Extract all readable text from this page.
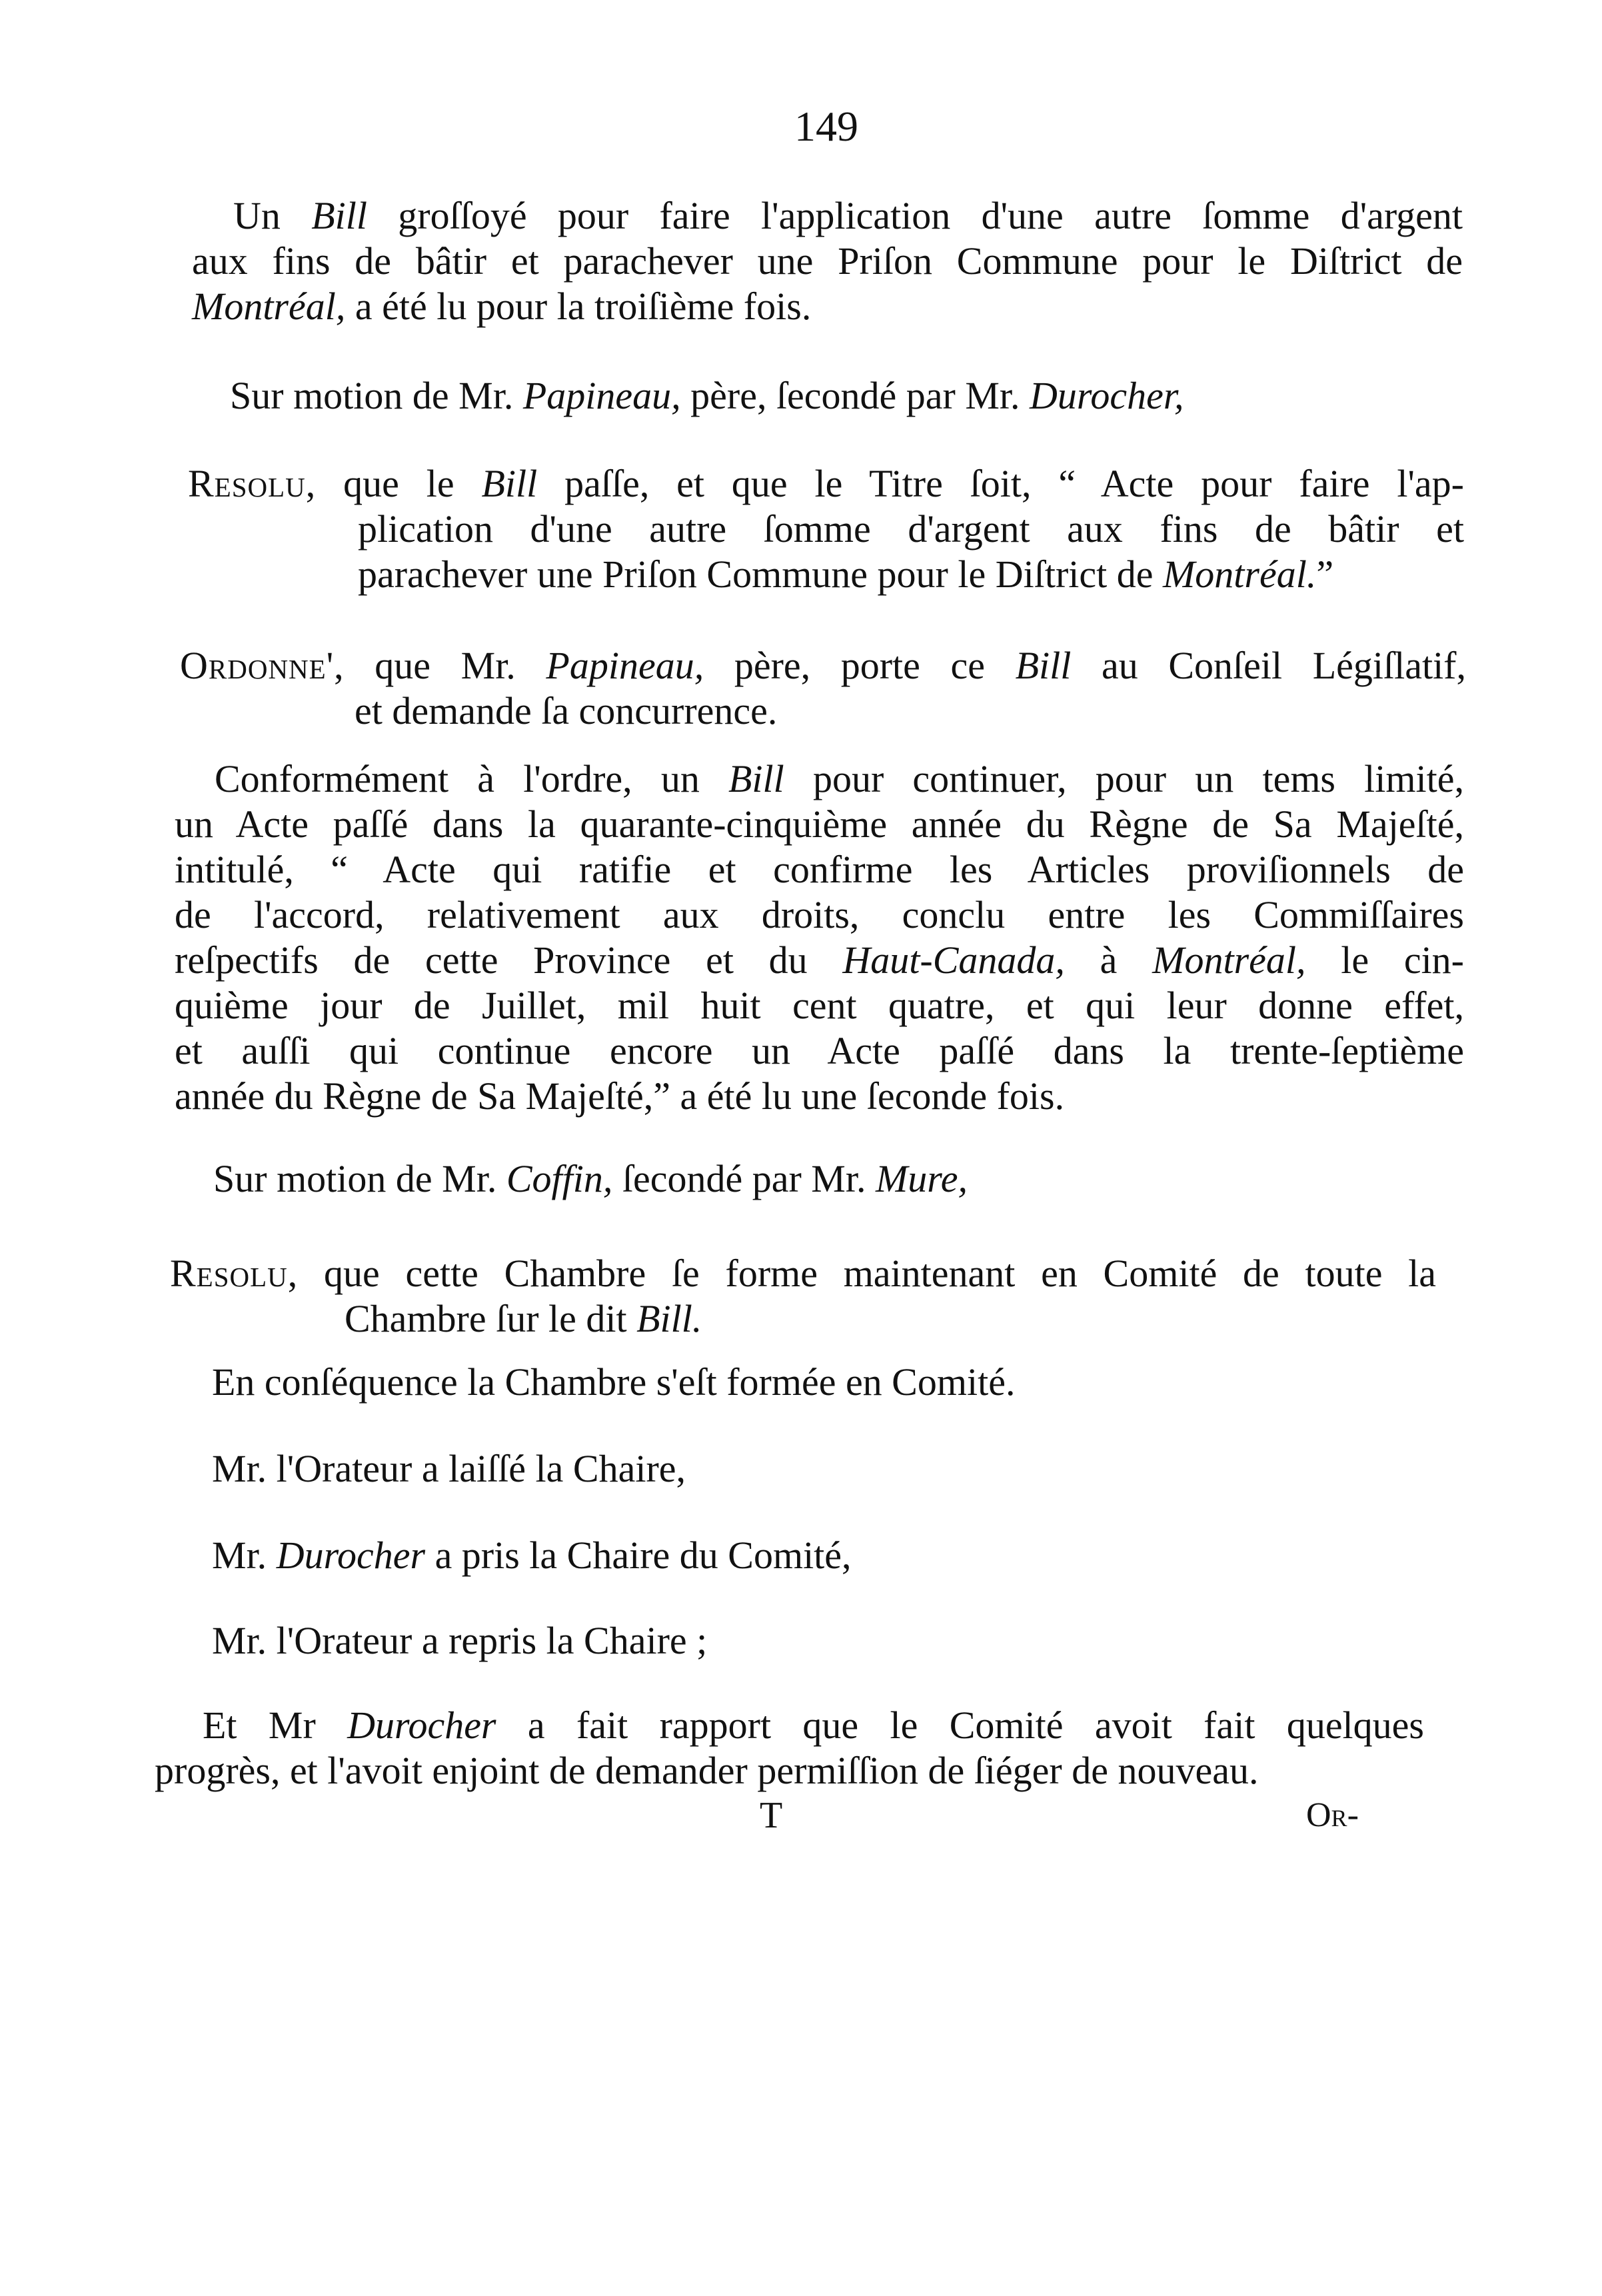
149
Un Bill groſſoyé pour faire l'application d'une autre ſomme d'argent
aux fins de bâtir et parachever une Priſon Commune pour le Diſtrict de
Montréal, a été lu pour la troiſième fois.
Sur motion de Mr. Papineau, père, ſecondé par Mr. Durocher,
Resolu, que le Bill paſſe, et que le Titre ſoit, “ Acte pour faire l'ap-
plication d'une autre ſomme d'argent aux fins de bâtir et
parachever une Priſon Commune pour le Diſtrict de Montréal.”
Ordonne', que Mr. Papineau, père, porte ce Bill au Conſeil Légiſlatif,
et demande ſa concurrence.
Conformément à l'ordre, un Bill pour continuer, pour un tems limité,
un Acte paſſé dans la quarante-cinquième année du Règne de Sa Majeſté,
intitulé, “ Acte qui ratifie et confirme les Articles proviſionnels de
de l'accord, relativement aux droits, conclu entre les Commiſſaires
reſpectifs de cette Province et du Haut-Canada, à Montréal, le cin-
quième jour de Juillet, mil huit cent quatre, et qui leur donne effet,
et auſſi qui continue encore un Acte paſſé dans la trente-ſeptième
année du Règne de Sa Majeſté,” a été lu une ſeconde fois.
Sur motion de Mr. Coffin, ſecondé par Mr. Mure,
Resolu, que cette Chambre ſe forme maintenant en Comité de toute la
Chambre ſur le dit Bill.
En conſéquence la Chambre s'eſt formée en Comité.
Mr. l'Orateur a laiſſé la Chaire,
Mr. Durocher a pris la Chaire du Comité,
Mr. l'Orateur a repris la Chaire ;
Et Mr Durocher a fait rapport que le Comité avoit fait quelques
progrès, et l'avoit enjoint de demander permiſſion de ſiéger de nouveau.
T	Or-
